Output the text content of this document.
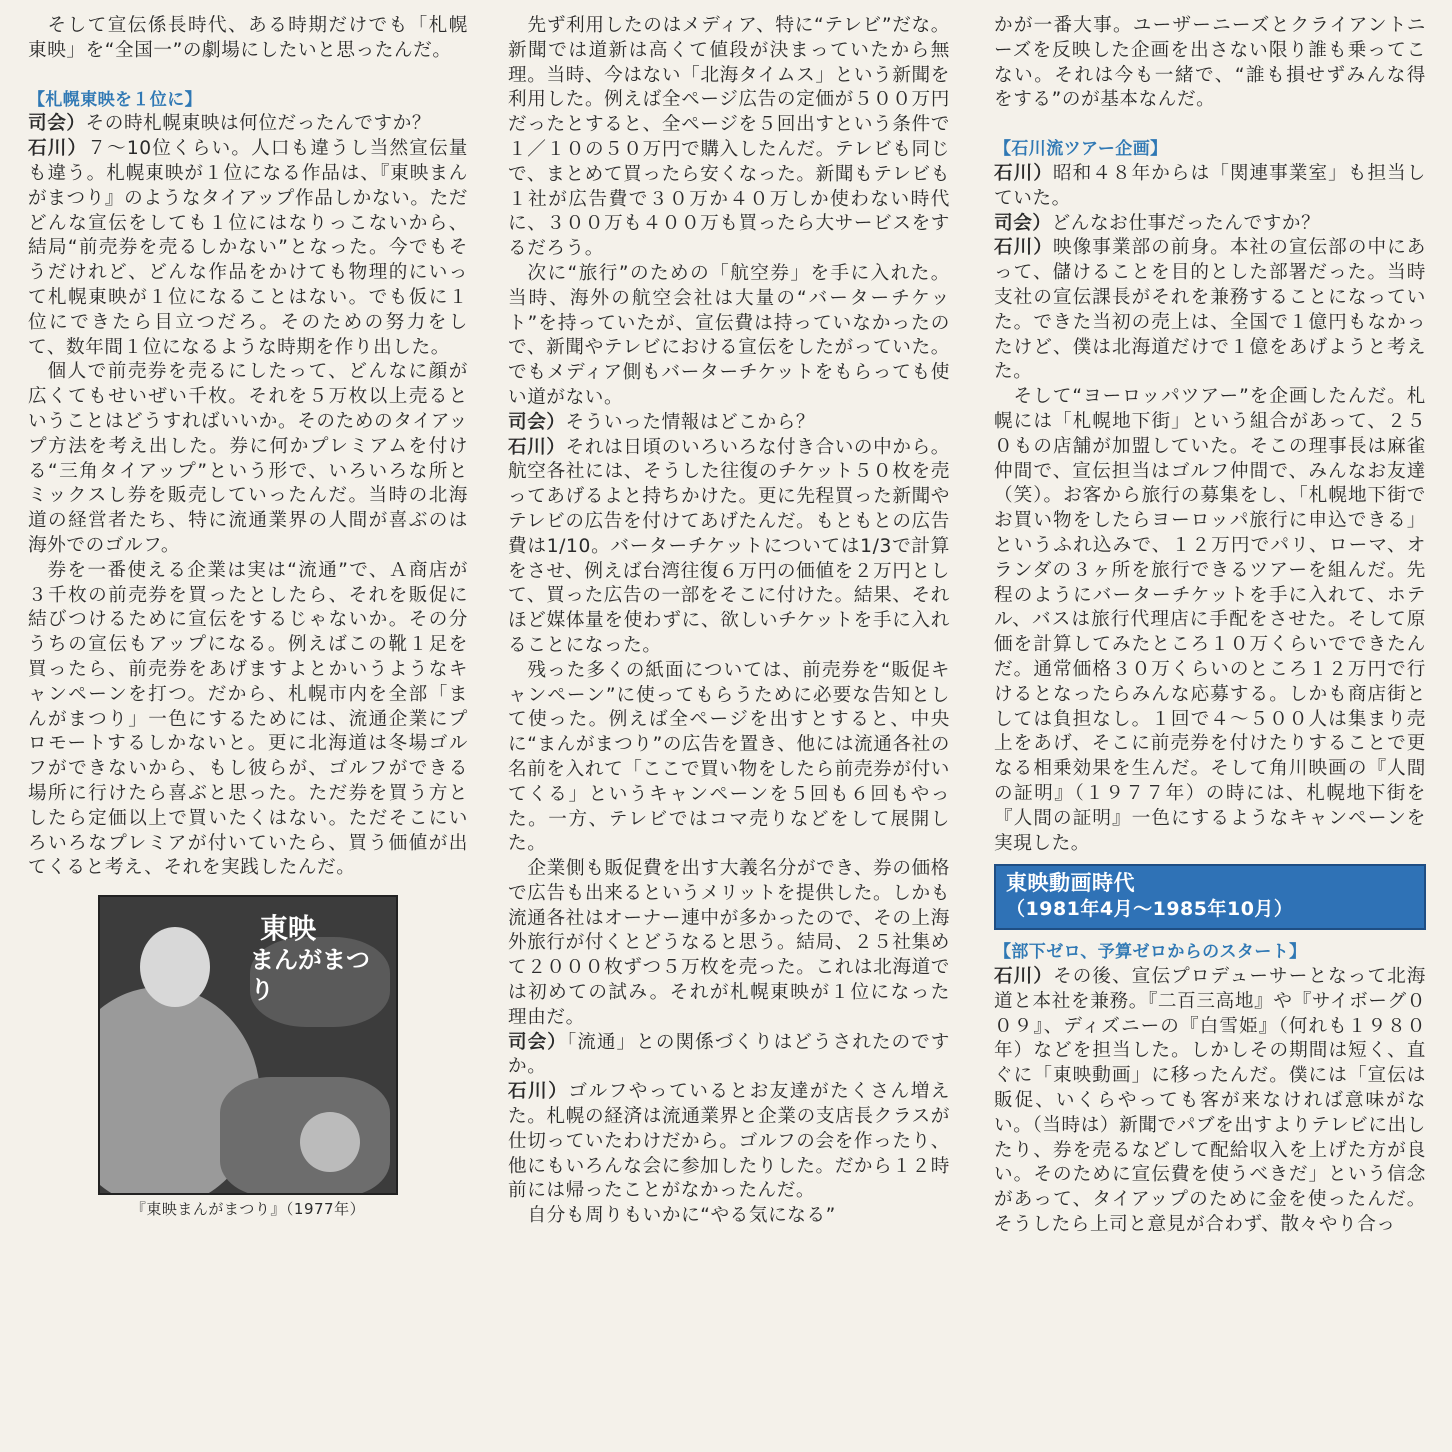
そして宣伝係長時代、ある時期だけでも「札幌東映」を“全国一”の劇場にしたいと思ったんだ。

【札幌東映を１位に】

司会）その時札幌東映は何位だったんですか？

石川）７～10位くらい。人口も違うし当然宣伝量も違う。札幌東映が１位になる作品は、『東映まんがまつり』のようなタイアップ作品しかない。ただどんな宣伝をしても１位にはなりっこないから、結局“前売券を売るしかない”となった。今でもそうだけれど、どんな作品をかけても物理的にいって札幌東映が１位になることはない。でも仮に１位にできたら目立つだろ。そのための努力をして、数年間１位になるような時期を作り出した。

個人で前売券を売るにしたって、どんなに顔が広くてもせいぜい千枚。それを５万枚以上売るということはどうすればいいか。そのためのタイアップ方法を考え出した。券に何かプレミアムを付ける“三角タイアップ”という形で、いろいろな所とミックスし券を販売していったんだ。当時の北海道の経営者たち、特に流通業界の人間が喜ぶのは海外でのゴルフ。

券を一番使える企業は実は“流通”で、Ａ商店が３千枚の前売券を買ったとしたら、それを販促に結びつけるために宣伝をするじゃないか。その分うちの宣伝もアップになる。例えばこの靴１足を買ったら、前売券をあげますよとかいうようなキャンペーンを打つ。だから、札幌市内を全部「まんがまつり」一色にするためには、流通企業にプロモートするしかないと。更に北海道は冬場ゴルフができないから、もし彼らが、ゴルフができる場所に行けたら喜ぶと思った。ただ券を買う方としたら定価以上で買いたくはない。ただそこにいろいろなプレミアが付いていたら、買う価値が出てくると考え、それを実践したんだ。

東映
まんがまつり
『東映まんがまつり』（1977年）

先ず利用したのはメディア、特に“テレビ”だな。新聞では道新は高くて値段が決まっていたから無理。当時、今はない「北海タイムス」という新聞を利用した。例えば全ページ広告の定価が５００万円だったとすると、全ページを５回出すという条件で１／１０の５０万円で購入したんだ。テレビも同じで、まとめて買ったら安くなった。新聞もテレビも１社が広告費で３０万か４０万しか使わない時代に、３００万も４００万も買ったら大サービスをするだろう。

次に“旅行”のための「航空券」を手に入れた。当時、海外の航空会社は大量の“バーターチケット”を持っていたが、宣伝費は持っていなかったので、新聞やテレビにおける宣伝をしたがっていた。でもメディア側もバーターチケットをもらっても使い道がない。

司会）そういった情報はどこから？

石川）それは日頃のいろいろな付き合いの中から。航空各社には、そうした往復のチケット５０枚を売ってあげるよと持ちかけた。更に先程買った新聞やテレビの広告を付けてあげたんだ。もともとの広告費は1/10。バーターチケットについては1/3で計算をさせ、例えば台湾往復６万円の価値を２万円として、買った広告の一部をそこに付けた。結果、それほど媒体量を使わずに、欲しいチケットを手に入れることになった。

残った多くの紙面については、前売券を“販促キャンペーン”に使ってもらうために必要な告知として使った。例えば全ページを出すとすると、中央に“まんがまつり”の広告を置き、他には流通各社の名前を入れて「ここで買い物をしたら前売券が付いてくる」というキャンペーンを５回も６回もやった。一方、テレビではコマ売りなどをして展開した。

企業側も販促費を出す大義名分ができ、券の価格で広告も出来るというメリットを提供した。しかも流通各社はオーナー連中が多かったので、その上海外旅行が付くとどうなると思う。結局、２５社集めて２０００枚ずつ５万枚を売った。これは北海道では初めての試み。それが札幌東映が１位になった理由だ。

司会）「流通」との関係づくりはどうされたのですか。

石川）ゴルフやっているとお友達がたくさん増えた。札幌の経済は流通業界と企業の支店長クラスが仕切っていたわけだから。ゴルフの会を作ったり、他にもいろんな会に参加したりした。だから１２時前には帰ったことがなかったんだ。

自分も周りもいかに“やる気になる”

かが一番大事。ユーザーニーズとクライアントニーズを反映した企画を出さない限り誰も乗ってこない。それは今も一緒で、“誰も損せずみんな得をする”のが基本なんだ。

【石川流ツアー企画】

石川）昭和４８年からは「関連事業室」も担当していた。

司会）どんなお仕事だったんですか？

石川）映像事業部の前身。本社の宣伝部の中にあって、儲けることを目的とした部署だった。当時支社の宣伝課長がそれを兼務することになっていた。できた当初の売上は、全国で１億円もなかったけど、僕は北海道だけで１億をあげようと考えた。

そして“ヨーロッパツアー”を企画したんだ。札幌には「札幌地下街」という組合があって、２５０もの店舗が加盟していた。そこの理事長は麻雀仲間で、宣伝担当はゴルフ仲間で、みんなお友達（笑）。お客から旅行の募集をし、「札幌地下街でお買い物をしたらヨーロッパ旅行に申込できる」というふれ込みで、１２万円でパリ、ローマ、オランダの３ヶ所を旅行できるツアーを組んだ。先程のようにバーターチケットを手に入れて、ホテル、バスは旅行代理店に手配をさせた。そして原価を計算してみたところ１０万くらいでできたんだ。通常価格３０万くらいのところ１２万円で行けるとなったらみんな応募する。しかも商店街としては負担なし。１回で４～５００人は集まり売上をあげ、そこに前売券を付けたりすることで更なる相乗効果を生んだ。そして角川映画の『人間の証明』（１９７７年）の時には、札幌地下街を『人間の証明』一色にするようなキャンペーンを実現した。

東映動画時代
（1981年4月～1985年10月）
【部下ゼロ、予算ゼロからのスタート】

石川）その後、宣伝プロデューサーとなって北海道と本社を兼務。『二百三高地』や『サイボーグ００９』、ディズニーの『白雪姫』（何れも１９８０年）などを担当した。しかしその期間は短く、直ぐに「東映動画」に移ったんだ。僕には「宣伝は販促、いくらやっても客が来なければ意味がない。（当時は）新聞でパブを出すよりテレビに出したり、券を売るなどして配給収入を上げた方が良い。そのために宣伝費を使うべきだ」という信念があって、タイアップのために金を使ったんだ。そうしたら上司と意見が合わず、散々やり合っ
